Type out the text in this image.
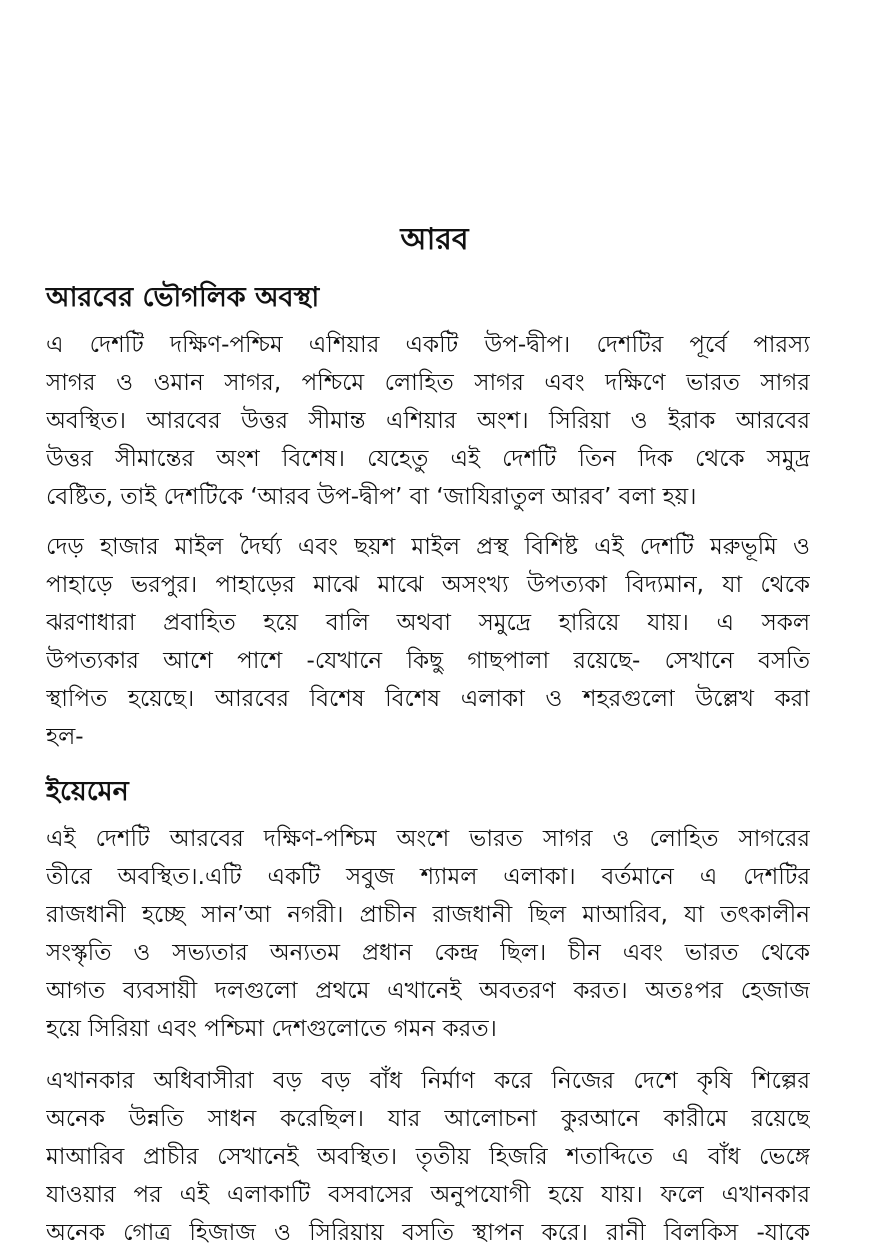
আরব
আরবের ভৌগলিক অবস্থা
এ দেশটি দক্ষিণ-পশ্চিম এশিয়ার একটি উপ-দ্বীপ। দেশটির পূর্বে পারস্য
সাগর ও ওমান সাগর, পশ্চিমে লোহিত সাগর এবং দক্ষিণে ভারত সাগর
অবস্থিত। আরবের উত্তর সীমান্ত এশিয়ার অংশ। সিরিয়া ও ইরাক আরবের
উত্তর সীমান্তের অংশ বিশেষ। যেহেতু এই দেশটি তিন দিক থেকে সমুদ্র
বেষ্টিত, তাই দেশটিকে ‘আরব উপ-দ্বীপ’ বা ‘জাযিরাতুল আরব’ বলা হয়।
দেড় হাজার মাইল দৈর্ঘ্য এবং ছয়শ মাইল প্রস্থ বিশিষ্ট এই দেশটি মরুভূমি ও
পাহাড়ে ভরপুর। পাহাড়ের মাঝে মাঝে অসংখ্য উপত্যকা বিদ্যমান, যা থেকে
ঝরণাধারা প্রবাহিত হয়ে বালি অথবা সমুদ্রে হারিয়ে যায়। এ সকল
উপত্যকার আশে পাশে -যেখানে কিছু গাছপালা রয়েছে- সেখানে বসতি
স্থাপিত হয়েছে। আরবের বিশেষ বিশেষ এলাকা ও শহরগুলো উল্লেখ করা
হল-
ইয়েমেন
এই দেশটি আরবের দক্ষিণ-পশ্চিম অংশে ভারত সাগর ও লোহিত সাগরের
তীরে অবস্থিত।.এটি একটি সবুজ শ্যামল এলাকা। বর্তমানে এ দেশটির
রাজধানী হচ্ছে সান’আ নগরী। প্রাচীন রাজধানী ছিল মাআরিব, যা তৎকালীন
সংস্কৃতি ও সভ্যতার অন্যতম প্রধান কেন্দ্র ছিল। চীন এবং ভারত থেকে
আগত ব্যবসায়ী দলগুলো প্রথমে এখানেই অবতরণ করত। অতঃপর হেজাজ
হয়ে সিরিয়া এবং পশ্চিমা দেশগুলোতে গমন করত।
এখানকার অধিবাসীরা বড় বড় বাঁধ নির্মাণ করে নিজের দেশে কৃষি শিল্পের
অনেক উন্নতি সাধন করেছিল। যার আলোচনা কুরআনে কারীমে রয়েছে
মাআরিব প্রাচীর সেখানেই অবস্থিত। তৃতীয় হিজরি শতাব্দিতে এ বাঁধ ভেঙ্গে
যাওয়ার পর এই এলাকাটি বসবাসের অনুপযোগী হয়ে যায়। ফলে এখানকার
অনেক গোত্র হিজাজ ও সিরিয়ায় বসতি স্থাপন করে। রানী বিলকিস -যাকে
